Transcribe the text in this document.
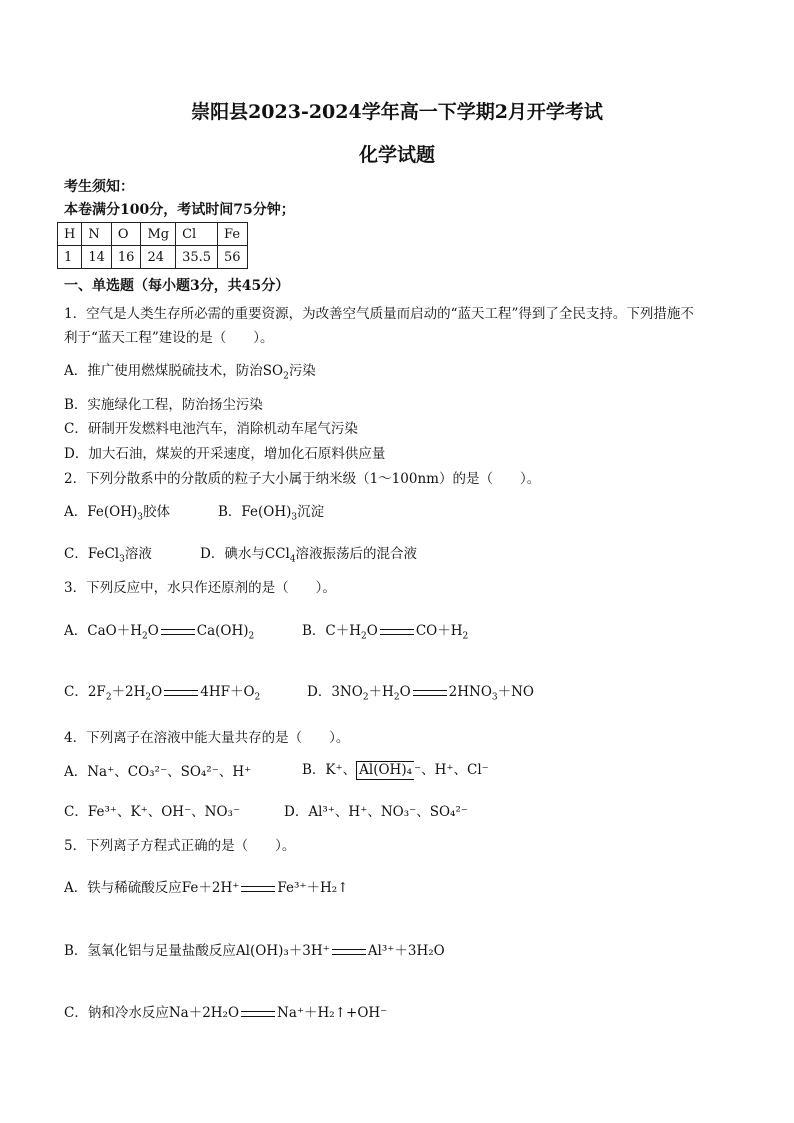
崇阳县2023-2024学年高一下学期2月开学考试
化学试题
考生须知：
本卷满分100分，考试时间75分钟；
H	N	O	Mg	Cl	Fe
1	14	16	24	35.5	56
一、单选题（每小题3分，共45分）
1．空气是人类生存所必需的重要资源，为改善空气质量而启动的“蓝天工程”得到了全民支持。下列措施不
利于“蓝天工程”建设的是（　　）。
A．推广使用燃煤脱硫技术，防治$SO_2$污染
B．实施绿化工程，防治扬尘污染
C．研制开发燃料电池汽车，消除机动车尾气污染
D．加大石油，煤炭的开采速度，增加化石原料供应量
2．下列分散系中的分散质的粒子大小属于纳米级（1～100nm）的是（　　）。
A．$Fe(OH)_3$胶体	B．$Fe(OH)_3$沉淀
C．FeCl$_3$溶液	D．碘水与CCl$_4$溶液振荡后的混合液
3．下列反应中，水只作还原剂的是（　　）。
A．$CaO+H_2O$	$Ca(OH)_2$	B．$C+H_2O$	$CO+H_2$
C．$2F_2+2H_2O$	$4HF+O_2$	D．$3NO_2+H_2O$	$2HNO_3+NO$
4．下列离子在溶液中能大量共存的是（　　）。
A．Na⁺、CO₃²⁻、SO₄²⁻、H⁺	B．K⁺、 Al(OH)₄ ⁻、H⁺、Cl⁻
C．Fe³⁺、K⁺、OH⁻、NO₃⁻	D．Al³⁺、H⁺、NO₃⁻、SO₄²⁻
5．下列离子方程式正确的是（　　）。
A．铁与稀硫酸反应Fe＋2H⁺	Fe³⁺＋H₂↑
B．氢氧化铝与足量盐酸反应Al(OH)₃＋3H⁺	Al³⁺＋3H₂O
C．钠和冷水反应Na＋2H₂O	Na⁺＋H₂↑+OH⁻
